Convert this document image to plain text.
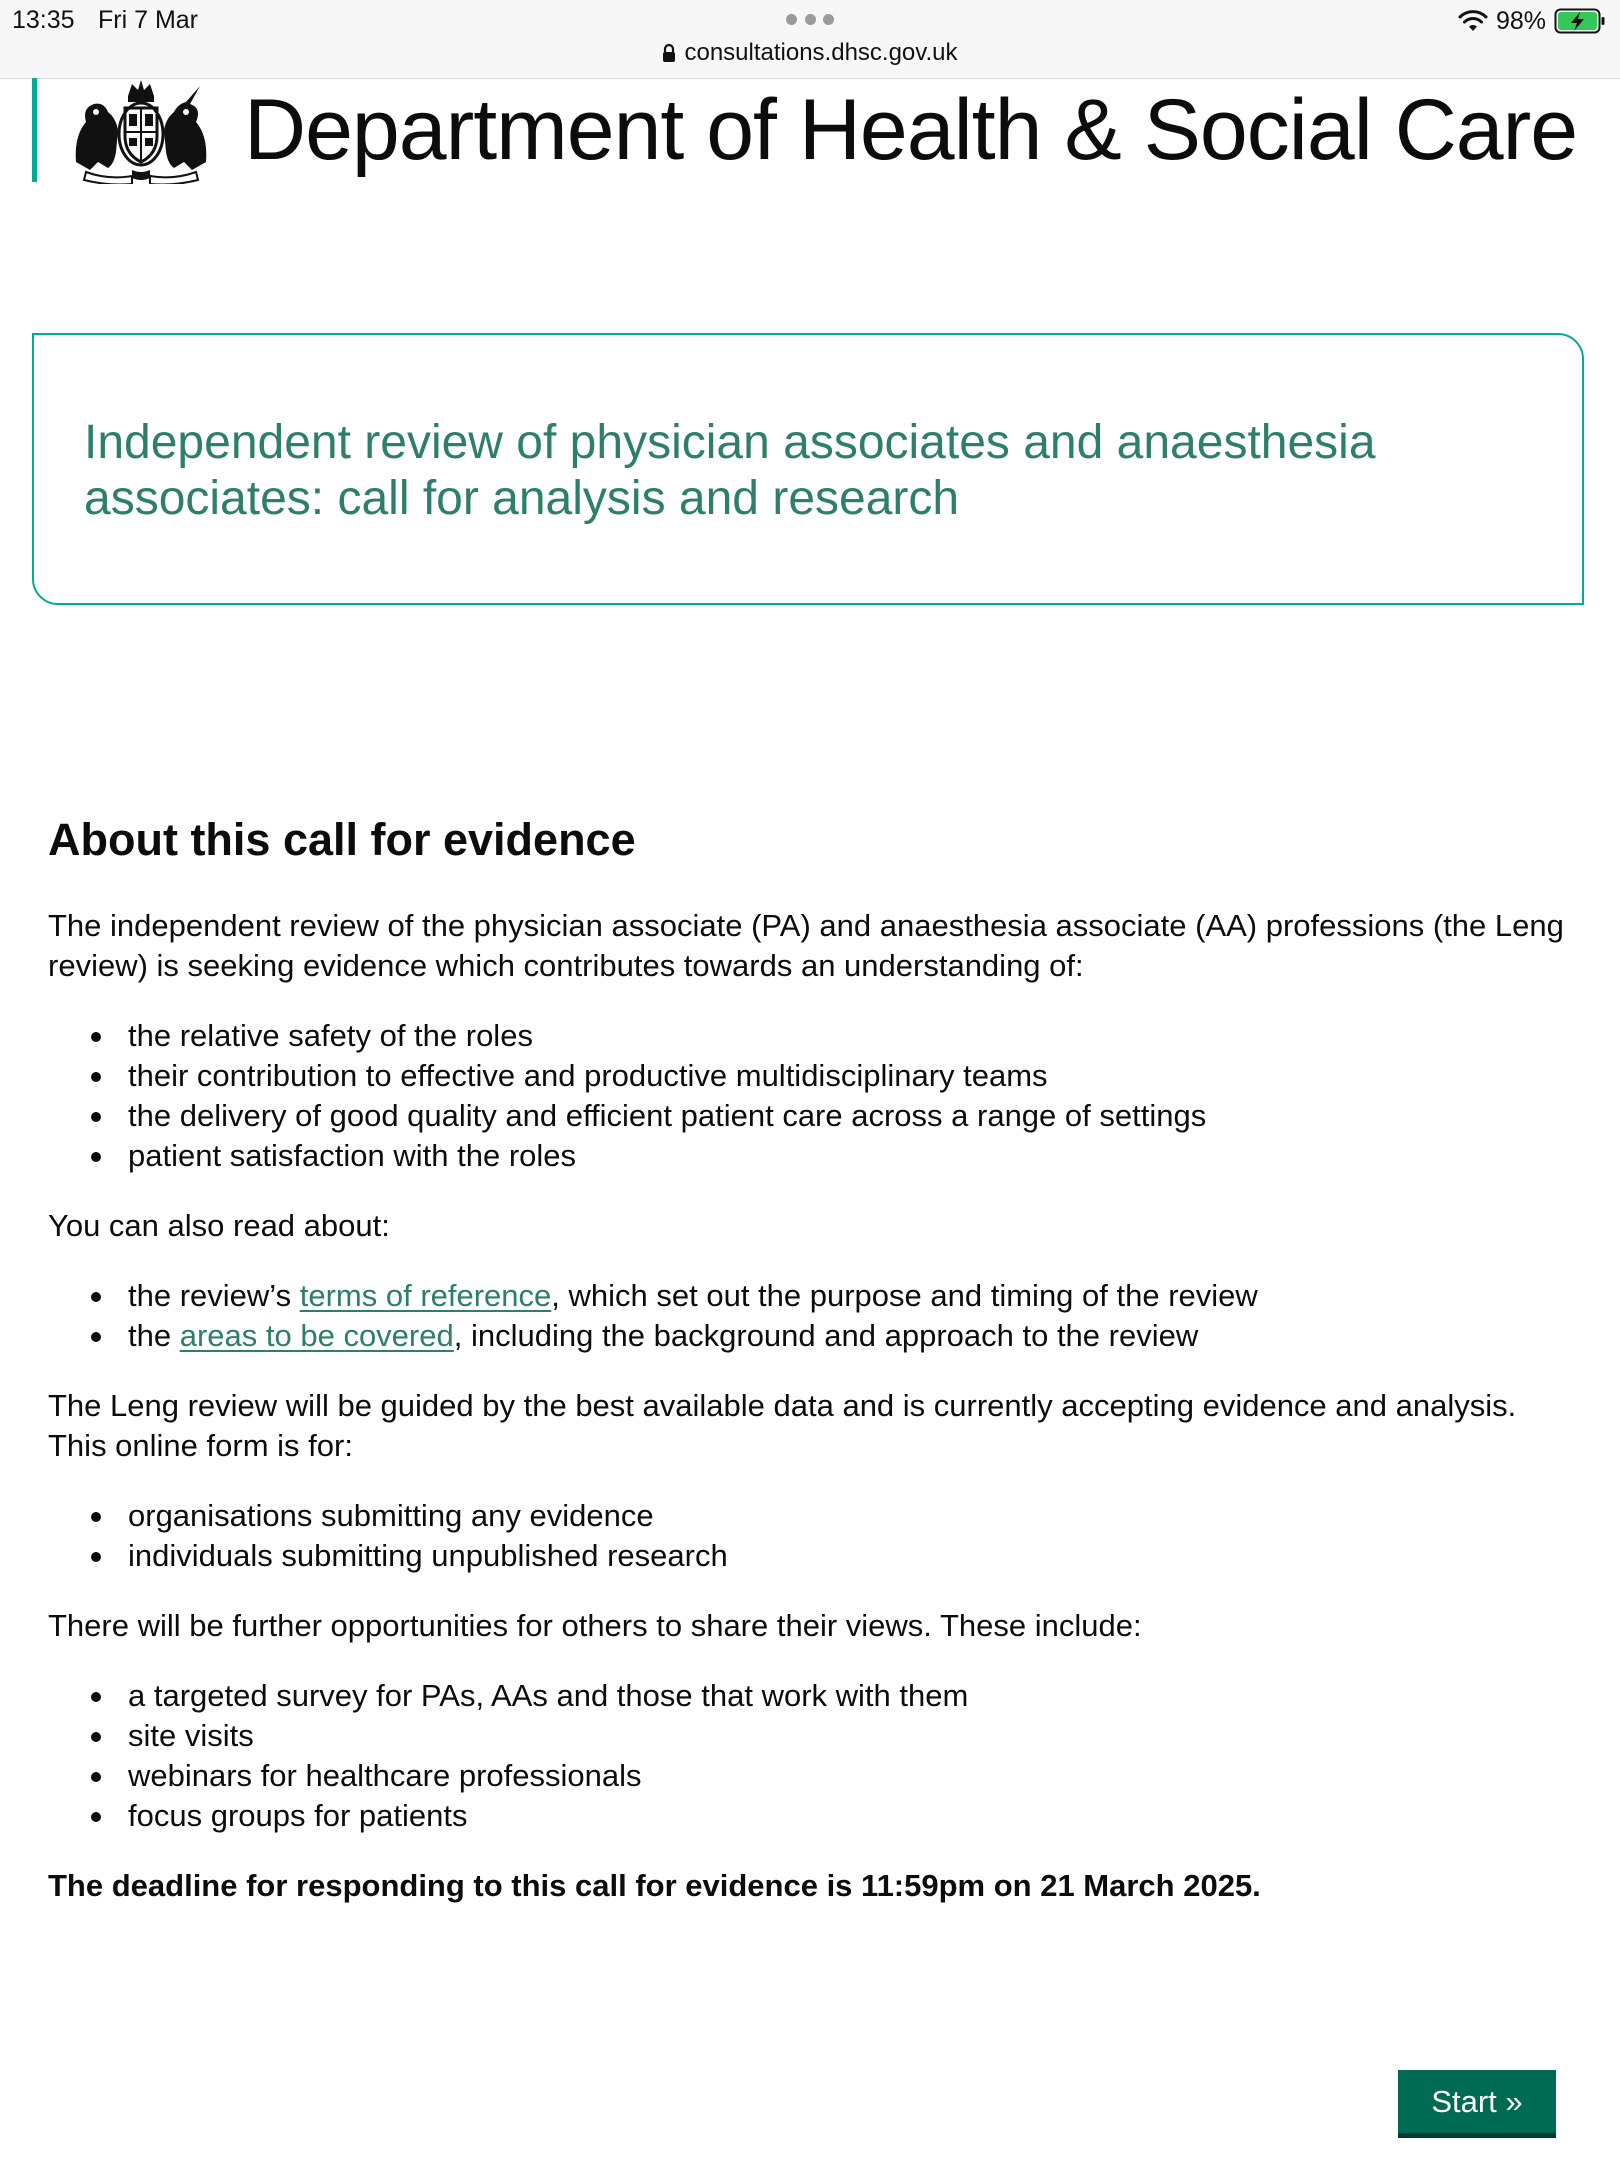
13:35 Fri 7 Mar	98%
consultations.dhsc.gov.uk
Department of Health & Social Care
Independent review of physician associates and anaesthesia associates: call for analysis and research
About this call for evidence

The independent review of the physician associate (PA) and anaesthesia associate (AA) professions (the Leng review) is seeking evidence which contributes towards an understanding of:

the relative safety of the roles
their contribution to effective and productive multidisciplinary teams
the delivery of good quality and efficient patient care across a range of settings
patient satisfaction with the roles

You can also read about:

the review’s terms of reference, which set out the purpose and timing of the review
the areas to be covered, including the background and approach to the review

The Leng review will be guided by the best available data and is currently accepting evidence and analysis. This online form is for:

organisations submitting any evidence
individuals submitting unpublished research

There will be further opportunities for others to share their views. These include:

a targeted survey for PAs, AAs and those that work with them
site visits
webinars for healthcare professionals
focus groups for patients

The deadline for responding to this call for evidence is 11:59pm on 21 March 2025.

Start »
